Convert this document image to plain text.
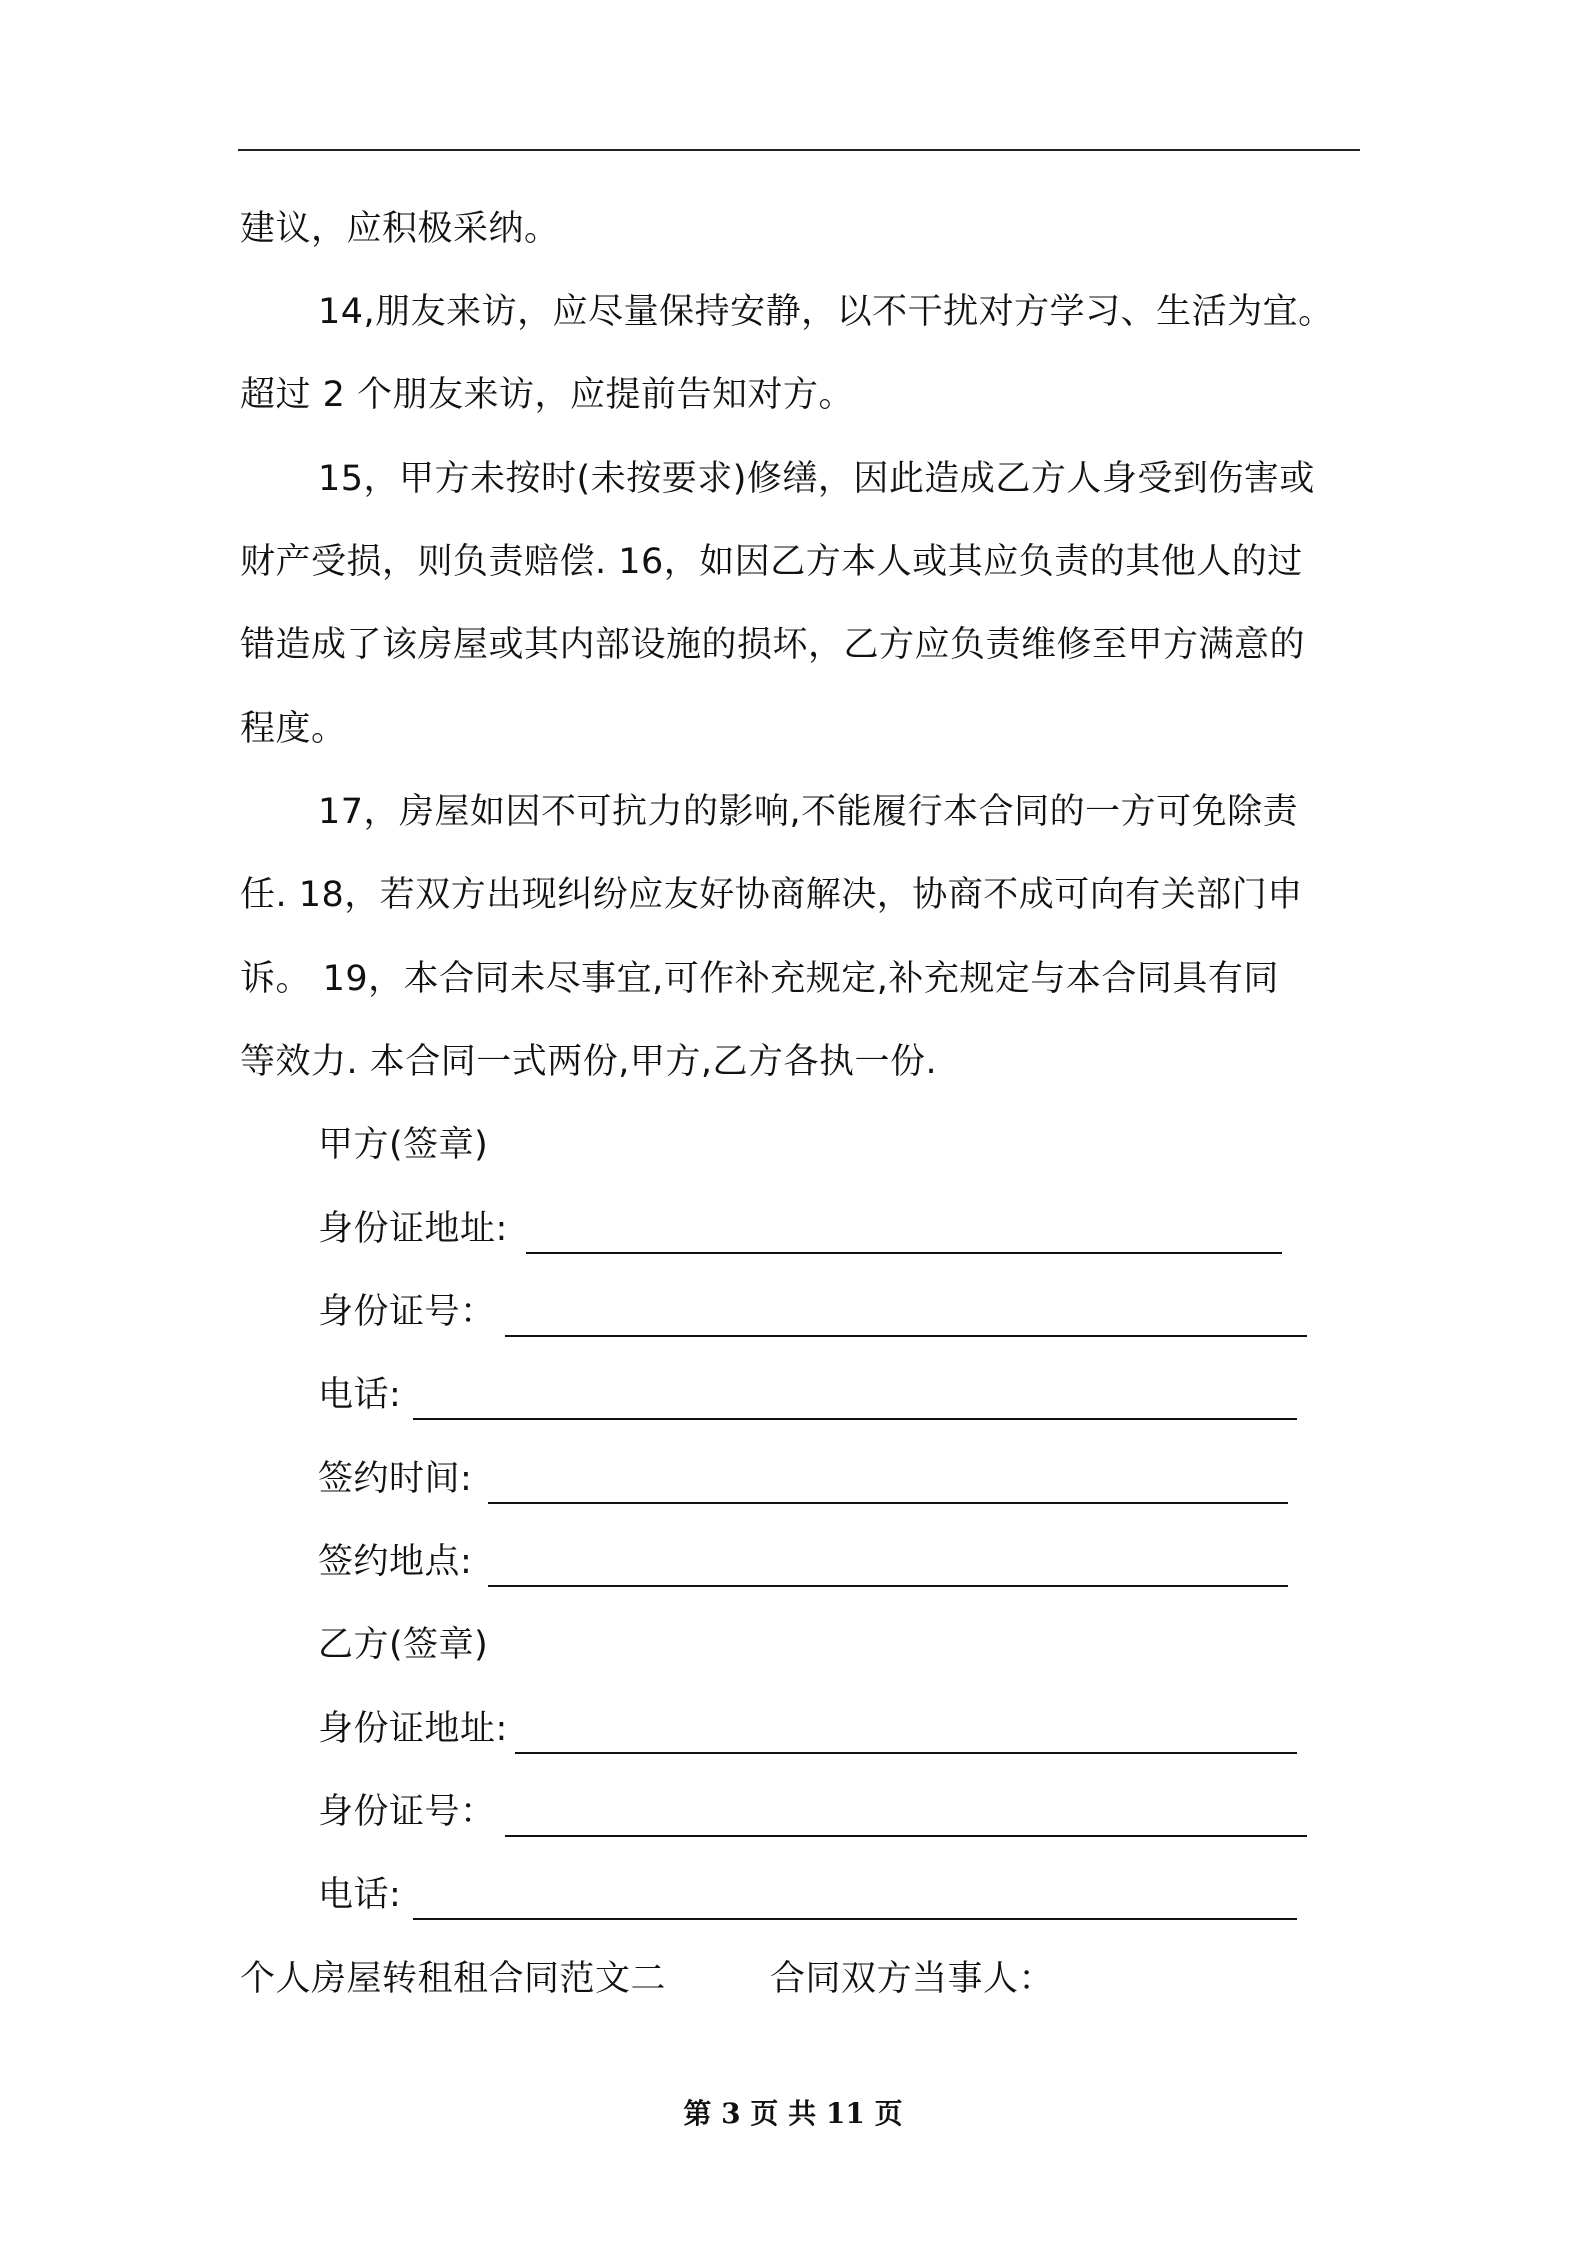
建议，应积极采纳。
14,朋友来访，应尽量保持安静，以不干扰对方学习、生活为宜。
超过 2 个朋友来访，应提前告知对方。
15，甲方未按时(未按要求)修缮，因此造成乙方人身受到伤害或
财产受损，则负责赔偿. 16，如因乙方本人或其应负责的其他人的过
错造成了该房屋或其内部设施的损坏，乙方应负责维修至甲方满意的
程度。
17，房屋如因不可抗力的影响,不能履行本合同的一方可免除责
任. 18，若双方出现纠纷应友好协商解决，协商不成可向有关部门申
诉。 19，本合同未尽事宜,可作补充规定,补充规定与本合同具有同
等效力. 本合同一式两份,甲方,乙方各执一份.
甲方(签章)
身份证地址:
身份证号：
电话:
签约时间:
签约地点:
乙方(签章)
身份证地址:
身份证号：
电话:
个人房屋转租租合同范文二	合同双方当事人：
第 3 页 共 11 页
